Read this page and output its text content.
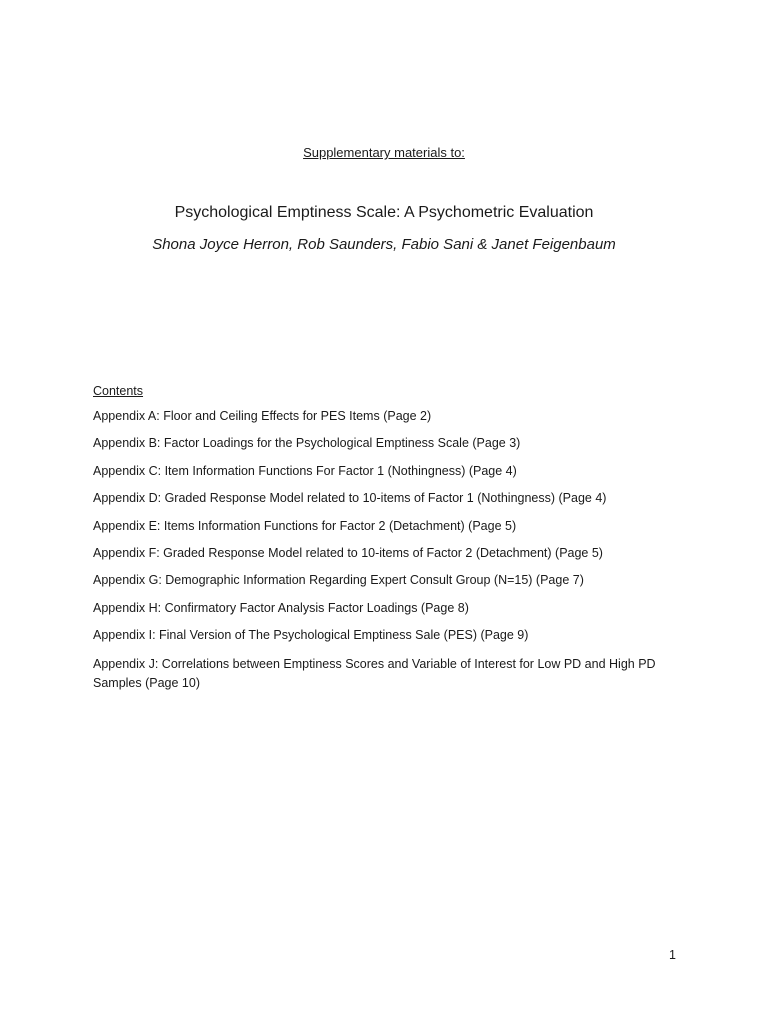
Supplementary materials to:
Psychological Emptiness Scale: A Psychometric Evaluation
Shona Joyce Herron, Rob Saunders, Fabio Sani & Janet Feigenbaum
Contents
Appendix A: Floor and Ceiling Effects for PES Items (Page 2)
Appendix B: Factor Loadings for the Psychological Emptiness Scale (Page 3)
Appendix C: Item Information Functions For Factor 1 (Nothingness) (Page 4)
Appendix D: Graded Response Model related to 10-items of Factor 1 (Nothingness) (Page 4)
Appendix E: Items Information Functions for Factor 2 (Detachment) (Page 5)
Appendix F: Graded Response Model related to 10-items of Factor 2 (Detachment) (Page 5)
Appendix G: Demographic Information Regarding Expert Consult Group (N=15) (Page 7)
Appendix H: Confirmatory Factor Analysis Factor Loadings (Page 8)
Appendix I: Final Version of The Psychological Emptiness Sale (PES) (Page 9)
Appendix J: Correlations between Emptiness Scores and Variable of Interest for Low PD and High PD Samples (Page 10)
1
